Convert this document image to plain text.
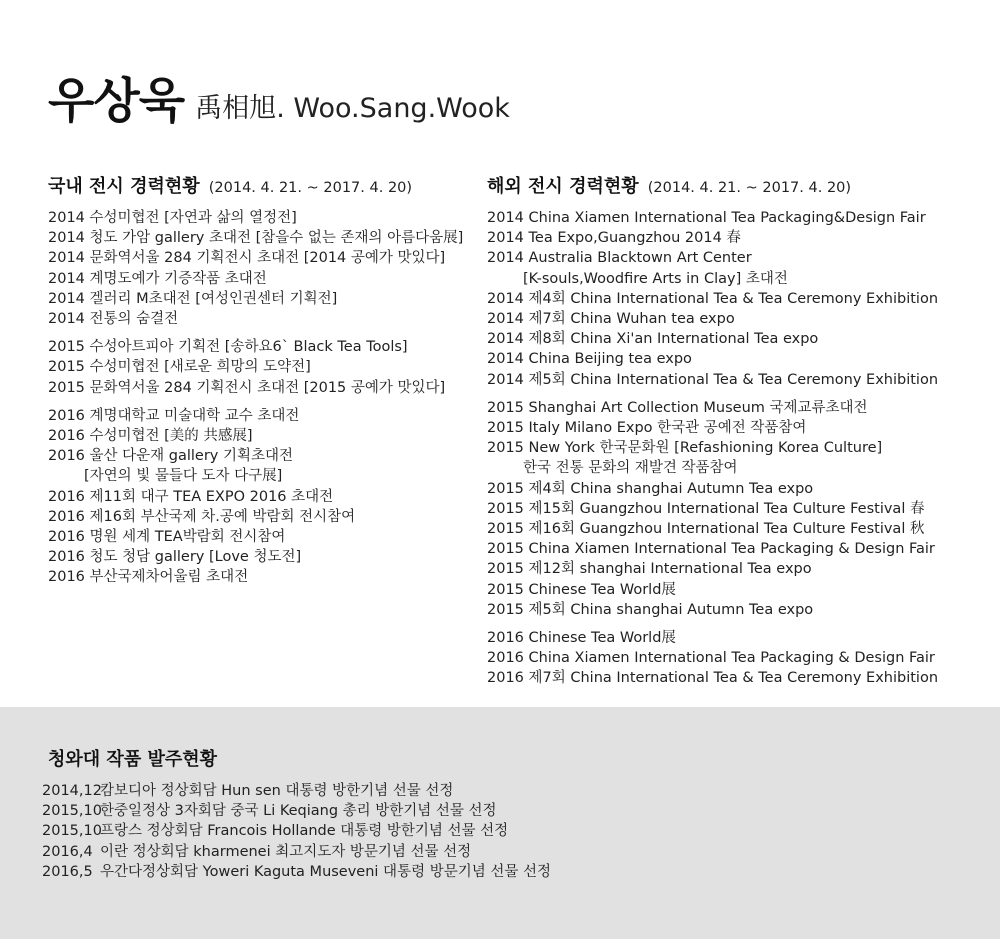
우상욱 禹相旭. Woo.Sang.Wook
국내 전시 경력현황 (2014. 4. 21. ~ 2017. 4. 20)	해외 전시 경력현황 (2014. 4. 21. ~ 2017. 4. 20)
2014 수성미협전 [자연과 삶의 열정전]
2014 청도 가암 gallery 초대전 [참을수 없는 존재의 아름다움展]
2014 문화역서울 284 기획전시 초대전 [2014 공예가 맛있다]
2014 계명도예가 기증작품 초대전
2014 겔러리 M초대전 [여성인권센터 기획전]
2014 전통의 숨결전
2015 수성아트피아 기획전 [송하요6` Black Tea Tools]
2015 수성미협전 [새로운 희망의 도약전]
2015 문화역서울 284 기획전시 초대전 [2015 공예가 맛있다]
2016 계명대학교 미술대학 교수 초대전
2016 수성미협전 [美的 共感展]
2016 울산 다운재 gallery 기획초대전
[자연의 빛 물들다 도자 다구展]
2016 제11회 대구 TEA EXPO 2016 초대전
2016 제16회 부산국제 차.공예 박람회 전시참여
2016 명원 세계 TEA박람회 전시참여
2016 청도 청담 gallery [Love 청도전]
2016 부산국제차어울림 초대전
2014 China Xiamen International Tea Packaging&Design Fair
2014 Tea Expo,Guangzhou 2014 春
2014 Australia Blacktown Art Center
[K-souls,Woodfire Arts in Clay] 초대전
2014 제4회 China International Tea & Tea Ceremony Exhibition
2014 제7회 China Wuhan tea expo
2014 제8회 China Xi'an International Tea expo
2014 China Beijing tea expo
2014 제5회 China International Tea & Tea Ceremony Exhibition
2015 Shanghai Art Collection Museum 국제교류초대전
2015 Italy Milano Expo 한국관 공예전 작품참여
2015 New York 한국문화원 [Refashioning Korea Culture]
한국 전통 문화의 재발견 작품참여
2015 제4회 China shanghai Autumn Tea expo
2015 제15회 Guangzhou International Tea Culture Festival 春
2015 제16회 Guangzhou International Tea Culture Festival 秋
2015 China Xiamen International Tea Packaging & Design Fair
2015 제12회 shanghai International Tea expo
2015 Chinese Tea World展
2015 제5회 China shanghai Autumn Tea expo
2016 Chinese Tea World展
2016 China Xiamen International Tea Packaging & Design Fair
2016 제7회 China International Tea & Tea Ceremony Exhibition
청와대 작품 발주현황
2014,12캄보디아 정상회담 Hun sen 대통령 방한기념 선물 선정
2015,10한중일정상 3자회담 중국 Li Keqiang 총리 방한기념 선물 선정
2015,10프랑스 정상회담 Francois Hollande 대통령 방한기념 선물 선정
2016,4 이란 정상회담 kharmenei 최고지도자 방문기념 선물 선정
2016,5 우간다정상회담 Yoweri Kaguta Museveni 대통령 방문기념 선물 선정
